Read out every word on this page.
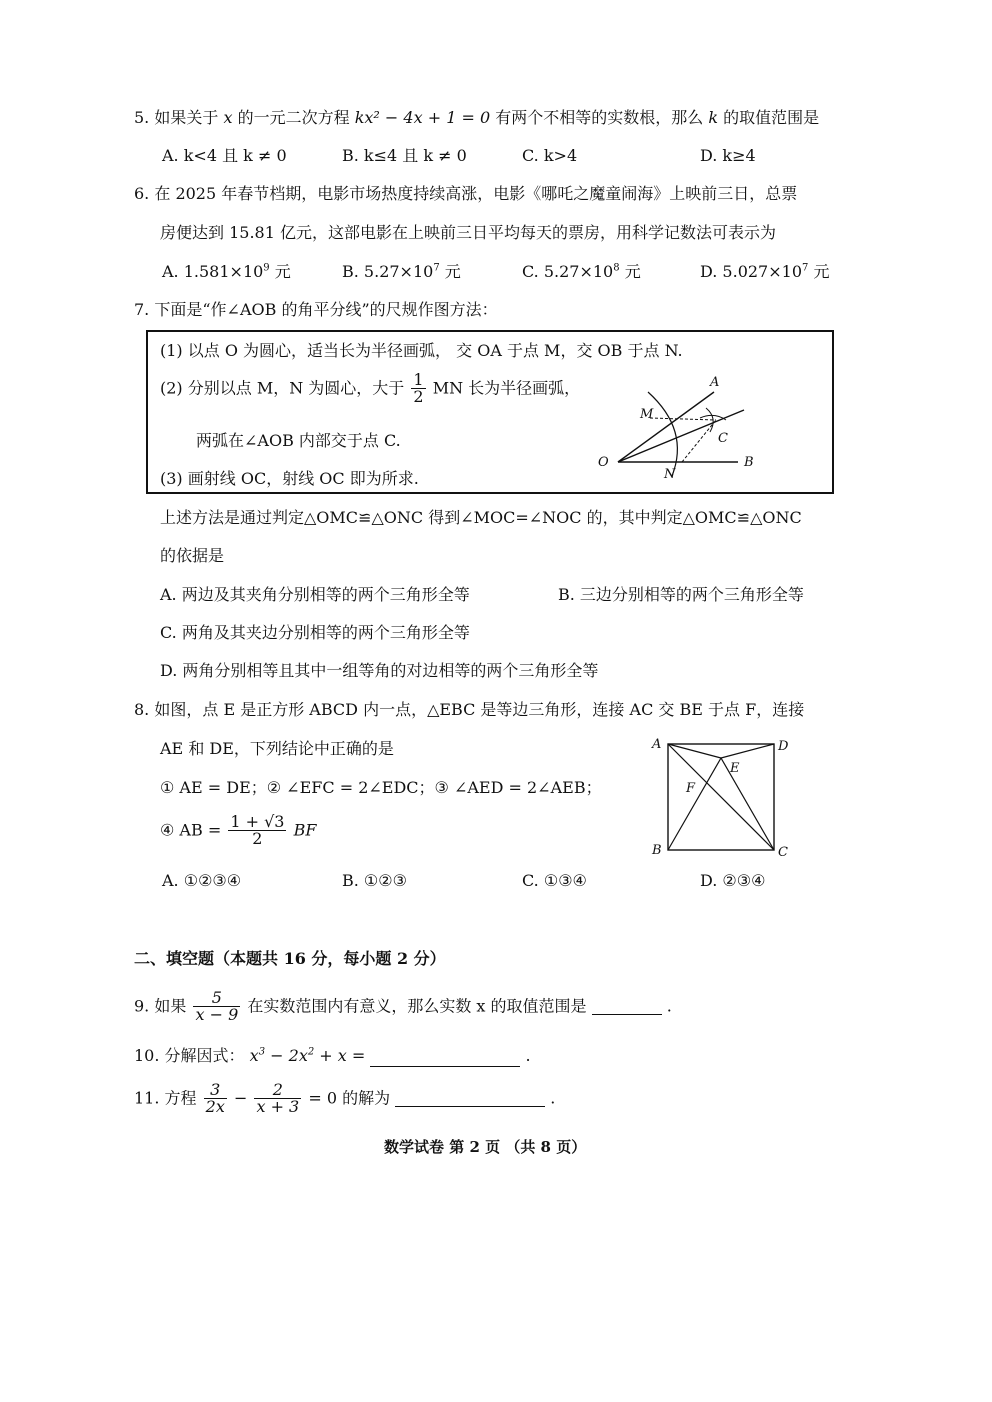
5. 如果关于 x 的一元二次方程 kx² − 4x + 1 = 0 有两个不相等的实数根，那么 k 的取值范围是
A. k<4 且 k ≠ 0	B. k≤4 且 k ≠ 0	C. k>4	D. k≥4
6. 在 2025 年春节档期，电影市场热度持续高涨，电影《哪吒之魔童闹海》上映前三日，总票
房便达到 15.81 亿元，这部电影在上映前三日平均每天的票房，用科学记数法可表示为
A. $1.581\times 10^9$ 元	B. $5.27\times 10^7$ 元	C. $5.27\times 10^8$ 元	D. $5.027\times 10^7$ 元
7. 下面是“作∠AOB 的角平分线”的尺规作图方法：
(1) 以点 O 为圆心，适当长为半径画弧， 交 OA 于点 M，交 OB 于点 N.
(2) 分别以点 M，N 为圆心，大于 $\frac{1}{2}$ MN 长为半径画弧，
两弧在∠AOB 内部交于点 C.
(3) 画射线 OC，射线 OC 即为所求.
A
M
C
O
N
B
上述方法是通过判定△OMC≌△ONC 得到∠MOC=∠NOC 的，其中判定△OMC≌△ONC
的依据是
A. 两边及其夹角分别相等的两个三角形全等	B. 三边分别相等的两个三角形全等
C. 两角及其夹边分别相等的两个三角形全等
D. 两角分别相等且其中一组等角的对边相等的两个三角形全等
8. 如图，点 E 是正方形 ABCD 内一点，△EBC 是等边三角形，连接 AC 交 BE 于点 F，连接
AE 和 DE，下列结论中正确的是
① AE = DE；② ∠EFC = 2∠EDC；③ ∠AED = 2∠AEB；
④ AB = $\frac{1 + √3}{2}$ BF
A	D
E
F
B	C
A. ①②③④	B. ①②③	C. ①③④	D. ②③④
二、填空题（本题共 16 分，每小题 2 分）
9. 如果 $\frac{5}{x - 9}$ 在实数范围内有意义，那么实数 x 的取值范围是	.
10. 分解因式： $x^3 - 2x^2 + x$ =	.
11. 方程 $\frac{3}{2x} - \frac{2}{x + 3} = 0$ 的解为	.
数学试卷 第 2 页 （共 8 页）
